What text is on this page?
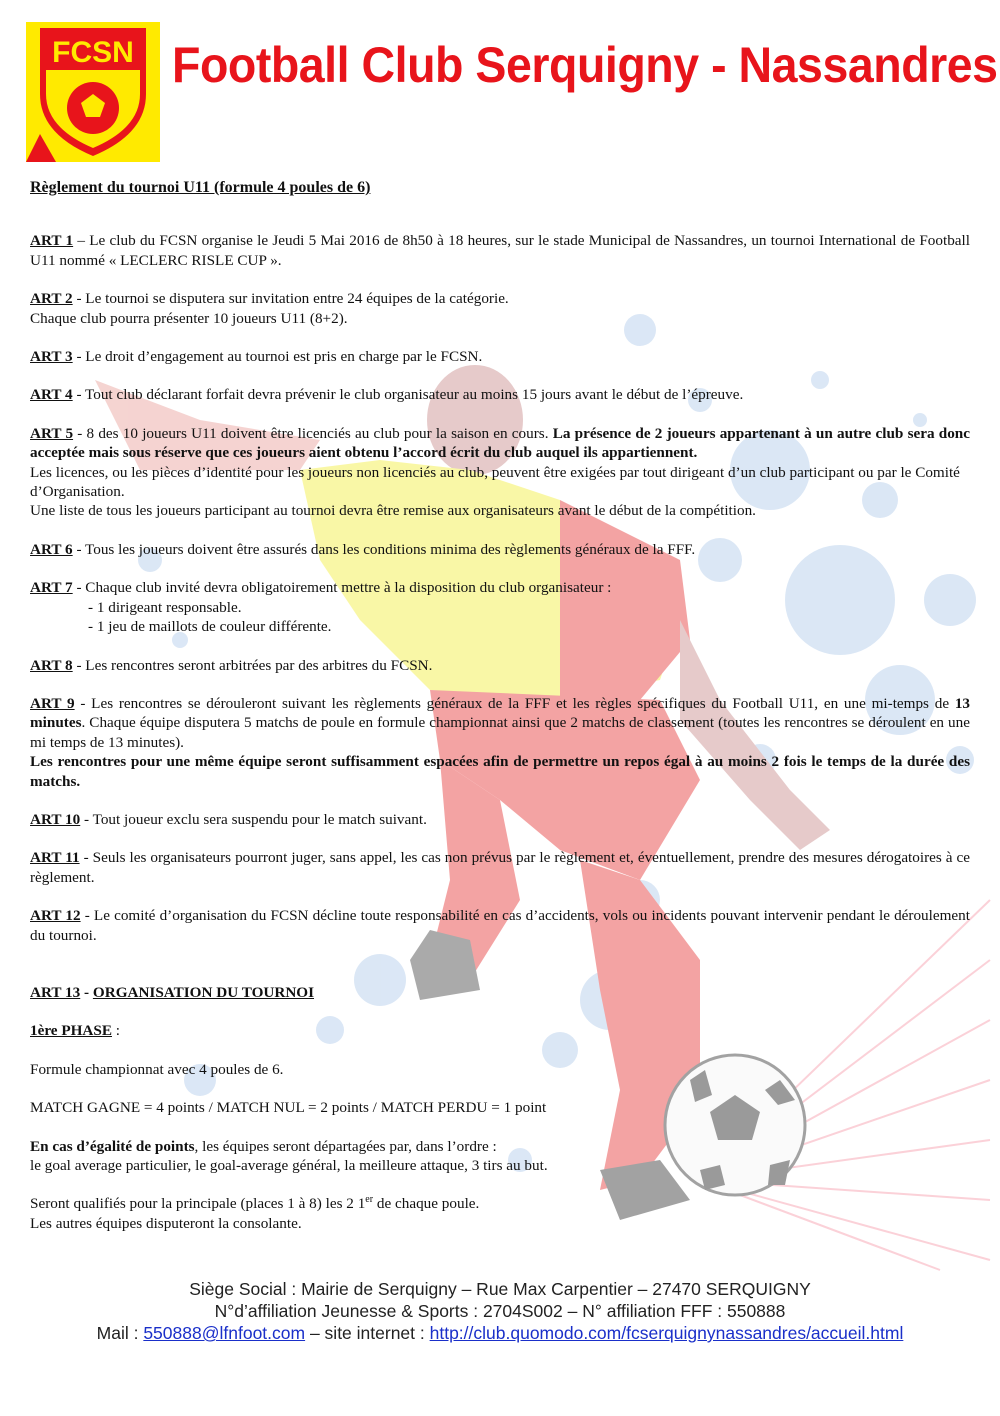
FCSN Football Club Serquigny - Nassandres

Règlement du tournoi U11 (formule 4 poules de 6)

ART 1 – Le club du FCSN organise le Jeudi 5 Mai 2016 de 8h50 à 18 heures, sur le stade Municipal de Nassandres, un tournoi International de Football U11 nommé « LECLERC RISLE CUP ».

ART 2 - Le tournoi se disputera sur invitation entre 24 équipes de la catégorie.

Chaque club pourra présenter 10 joueurs U11 (8+2).

ART 3 - Le droit d’engagement au tournoi est pris en charge par le FCSN.

ART 4 - Tout club déclarant forfait devra prévenir le club organisateur au moins 15 jours avant le début de l’épreuve.

ART 5 - 8 des 10 joueurs U11 doivent être licenciés au club pour la saison en cours. La présence de 2 joueurs appartenant à un autre club sera donc acceptée mais sous réserve que ces joueurs aient obtenu l’accord écrit du club auquel ils appartiennent.

Les licences, ou les pièces d’identité pour les joueurs non licenciés au club, peuvent être exigées par tout dirigeant d’un club participant ou par le Comité d’Organisation.

Une liste de tous les joueurs participant au tournoi devra être remise aux organisateurs avant le début de la compétition.

ART 6 - Tous les joueurs doivent être assurés dans les conditions minima des règlements généraux de la FFF.

ART 7 - Chaque club invité devra obligatoirement mettre à la disposition du club organisateur :

- 1 dirigeant responsable.

- 1 jeu de maillots de couleur différente.

ART 8 - Les rencontres seront arbitrées par des arbitres du FCSN.

ART 9 - Les rencontres se dérouleront suivant les règlements généraux de la FFF et les règles spécifiques du Football U11, en une mi-temps de 13 minutes. Chaque équipe disputera 5 matchs de poule en formule championnat ainsi que 2 matchs de classement (toutes les rencontres se déroulent en une mi temps de 13 minutes).

Les rencontres pour une même équipe seront suffisamment espacées afin de permettre un repos égal à au moins 2 fois le temps de la durée des matchs.

ART 10 - Tout joueur exclu sera suspendu pour le match suivant.

ART 11 - Seuls les organisateurs pourront juger, sans appel, les cas non prévus par le règlement et, éventuellement, prendre des mesures dérogatoires à ce règlement.

ART 12 - Le comité d’organisation du FCSN décline toute responsabilité en cas d’accidents, vols ou incidents pouvant intervenir pendant le déroulement du tournoi.

ART 13 - ORGANISATION DU TOURNOI

1ère PHASE :

Formule championnat avec 4 poules de 6.

MATCH GAGNE = 4 points / MATCH NUL = 2 points / MATCH PERDU = 1 point

En cas d’égalité de points, les équipes seront départagées par, dans l’ordre :

le goal average particulier, le goal-average général, la meilleure attaque, 3 tirs au but.

Seront qualifiés pour la principale (places 1 à 8) les 2 1er de chaque poule.

Les autres équipes disputeront la consolante.

Siège Social : Mairie de Serquigny – Rue Max Carpentier – 27470 SERQUIGNY
N°d’affiliation Jeunesse & Sports : 2704S002 – N° affiliation FFF : 550888
Mail : 550888@lfnfoot.com – site internet : http://club.quomodo.com/fcserquignynassandres/accueil.html
